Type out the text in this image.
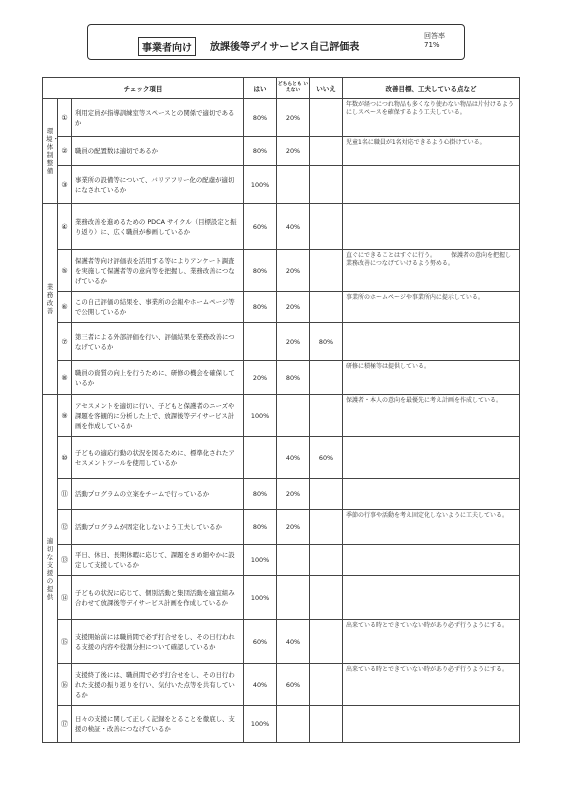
事業者向け	放課後等デイサービス自己評価表
回答率
71%
チェック項目			はい	どちらとも いえない	いいえ	改善目標、工夫している点など
環境・体制整備	①	利用定員が指導訓練室等スペースとの関係で適切であるか	80%	20%		年数が経つにつれ物品も多くなり使わない物品は片付けるようにしスペースを確保するよう工夫している。
	②	職員の配置数は適切であるか	80%	20%		児童1名に職員が1名対応できるよう心掛けている。
	③	事業所の設備等について、バリアフリー化の配慮が適切になされているか	100%			
業務改善	④	業務改善を進めるための PDCA サイクル（目標設定と振り返り）に、広く職員が参画しているか	60%	40%		
	⑤	保護者等向け評価表を活用する等によりアンケート調査を実施して保護者等の意向等を把握し、業務改善につなげているか	80%	20%		直ぐにできることはすぐに行う。　　　保護者の意向を把握し業務改善につなげていけるよう努める。
	⑥	この自己評価の結果を、事業所の会報やホームページ等で公開しているか	80%	20%		事業所のホームページや事業所内に提示している。
	⑦	第三者による外部評価を行い、評価結果を業務改善につなげているか		20%	80%	
	⑧	職員の資質の向上を行うために、研修の機会を確保しているか	20%	80%		研修に積極等は提供している。
適切な支援の提供	⑨	アセスメントを適切に行い、子どもと保護者のニーズや課題を客観的に分析した上で、放課後等デイサービス計画を作成しているか	100%			保護者・本人の意向を最優先に考え計画を作成している。
	⑩	子どもの適応行動の状況を図るために、標準化されたアセスメントツールを使用しているか		40%	60%	
	⑪	活動プログラムの立案をチームで行っているか	80%	20%		
	⑫	活動プログラムが固定化しないよう工夫しているか	80%	20%		季節の行事や活動を考え固定化しないように工夫している。
	⑬	平日、休日、長期休暇に応じて、課題をきめ細やかに設定して支援しているか	100%			
	⑭	子どもの状況に応じて、個別活動と集団活動を適宜組み合わせて放課後等デイサービス計画を作成しているか	100%			
	⑮	支援開始前には職員間で必ず打合せをし、その日行われる支援の内容や役割分担について確認しているか	60%	40%		出来ている時とできていない時があり必ず行うようにする。
	⑯	支援終了後には、職員間で必ず打合せをし、その日行われた支援の振り返りを行い、気付いた点等を共有しているか	40%	60%		出来ている時とできていない時があり必ず行うようにする。
	⑰	日々の支援に関して正しく記録をとることを徹底し、支援の検証・改善につなげているか	100%			
